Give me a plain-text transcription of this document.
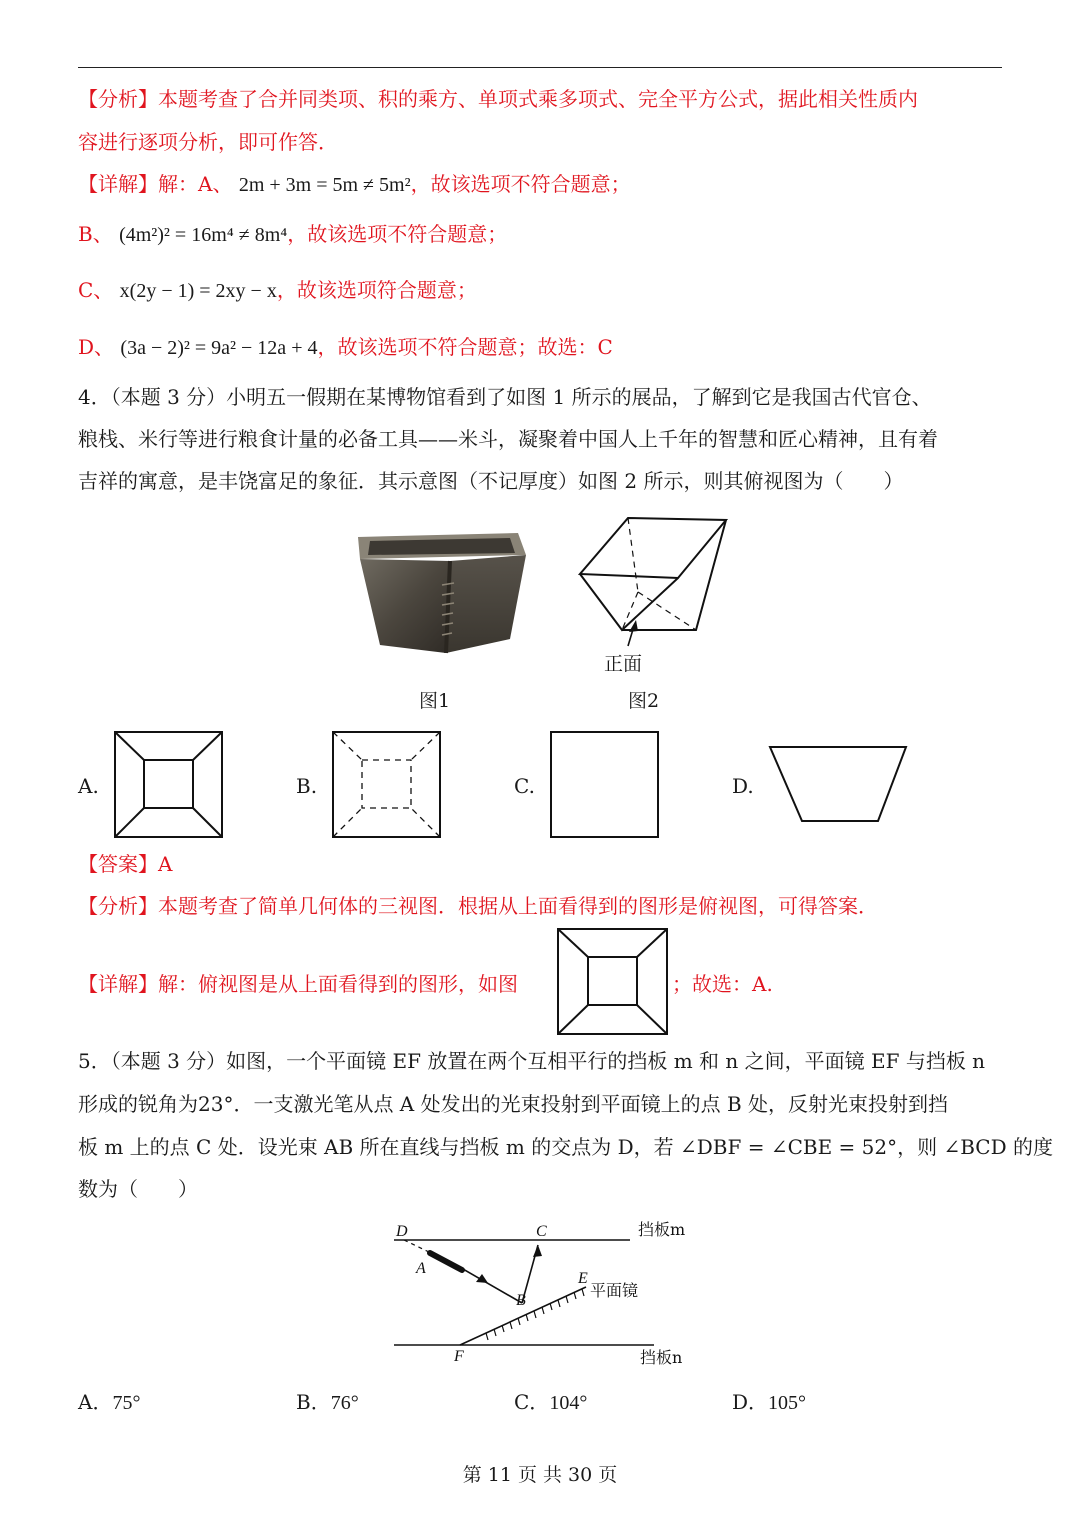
【分析】本题考查了合并同类项、积的乘方、单项式乘多项式、完全平方公式，据此相关性质内
容进行逐项分析，即可作答．
【详解】解：A、 2m + 3m = 5m ≠ 5m²，故该选项不符合题意；
B、 (4m²)² = 16m⁴ ≠ 8m⁴，故该选项不符合题意；
C、 x(2y − 1) = 2xy − x，故该选项符合题意；
D、 (3a − 2)² = 9a² − 12a + 4，故该选项不符合题意；故选：C
4．（本题 3 分）小明五一假期在某博物馆看到了如图 1 所示的展品，了解到它是我国古代官仓、
粮栈、米行等进行粮食计量的必备工具——米斗，凝聚着中国人上千年的智慧和匠心精神，且有着
吉祥的寓意，是丰饶富足的象征．其示意图（不记厚度）如图 2 所示，则其俯视图为（　　）
正面
图1	图2
A.	B.	C.	D.
【答案】A
【分析】本题考查了简单几何体的三视图．根据从上面看得到的图形是俯视图，可得答案．
【详解】解：俯视图是从上面看得到的图形，如图	；故选：A.
5．（本题 3 分）如图，一个平面镜 EF 放置在两个互相平行的挡板 m 和 n 之间，平面镜 EF 与挡板 n
形成的锐角为23°．一支激光笔从点 A 处发出的光束投射到平面镜上的点 B 处，反射光束投射到挡
板 m 上的点 C 处．设光束 AB 所在直线与挡板 m 的交点为 D，若 ∠DBF = ∠CBE = 52°，则 ∠BCD 的度
数为（　　）
D	C
A
B
E
F
挡板m
平面镜
挡板n
A．75°	B．76°	C．104°	D．105°
第 11 页 共 30 页
